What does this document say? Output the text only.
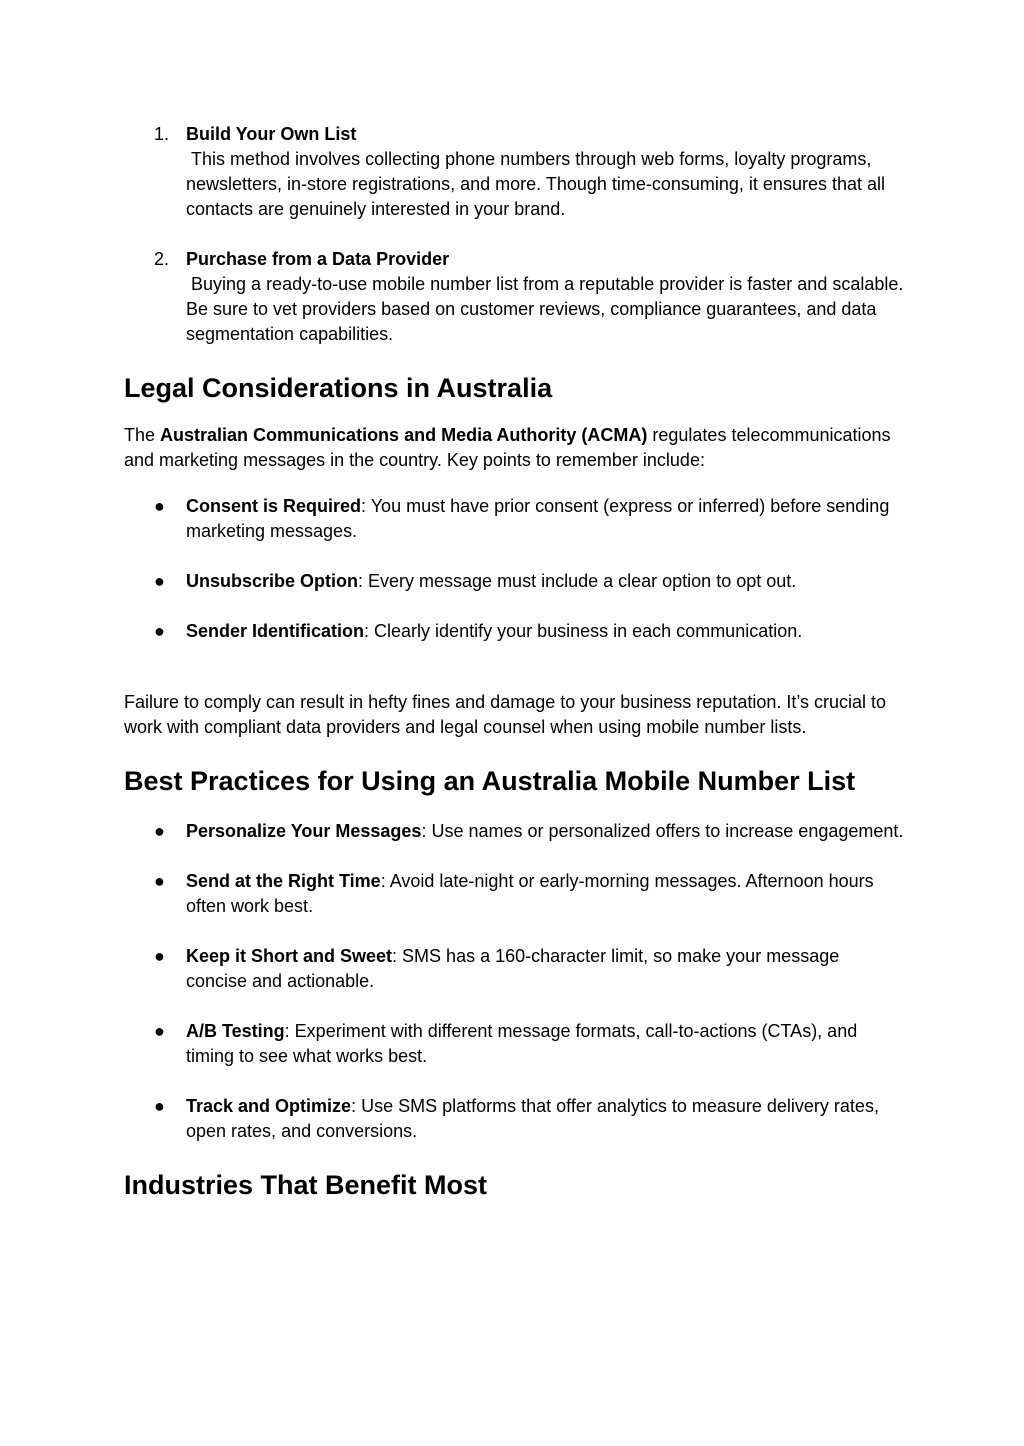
1. Build Your Own List
This method involves collecting phone numbers through web forms, loyalty programs, newsletters, in-store registrations, and more. Though time-consuming, it ensures that all contacts are genuinely interested in your brand.
2. Purchase from a Data Provider
Buying a ready-to-use mobile number list from a reputable provider is faster and scalable. Be sure to vet providers based on customer reviews, compliance guarantees, and data segmentation capabilities.
Legal Considerations in Australia

The Australian Communications and Media Authority (ACMA) regulates telecommunications and marketing messages in the country. Key points to remember include:

● Consent is Required: You must have prior consent (express or inferred) before sending marketing messages.
● Unsubscribe Option: Every message must include a clear option to opt out.
● Sender Identification: Clearly identify your business in each communication.

Failure to comply can result in hefty fines and damage to your business reputation. It’s crucial to work with compliant data providers and legal counsel when using mobile number lists.

Best Practices for Using an Australia Mobile Number List
● Personalize Your Messages: Use names or personalized offers to increase engagement.
● Send at the Right Time: Avoid late-night or early-morning messages. Afternoon hours often work best.
● Keep it Short and Sweet: SMS has a 160-character limit, so make your message concise and actionable.
● A/B Testing: Experiment with different message formats, call-to-actions (CTAs), and timing to see what works best.
● Track and Optimize: Use SMS platforms that offer analytics to measure delivery rates, open rates, and conversions.
Industries That Benefit Most
